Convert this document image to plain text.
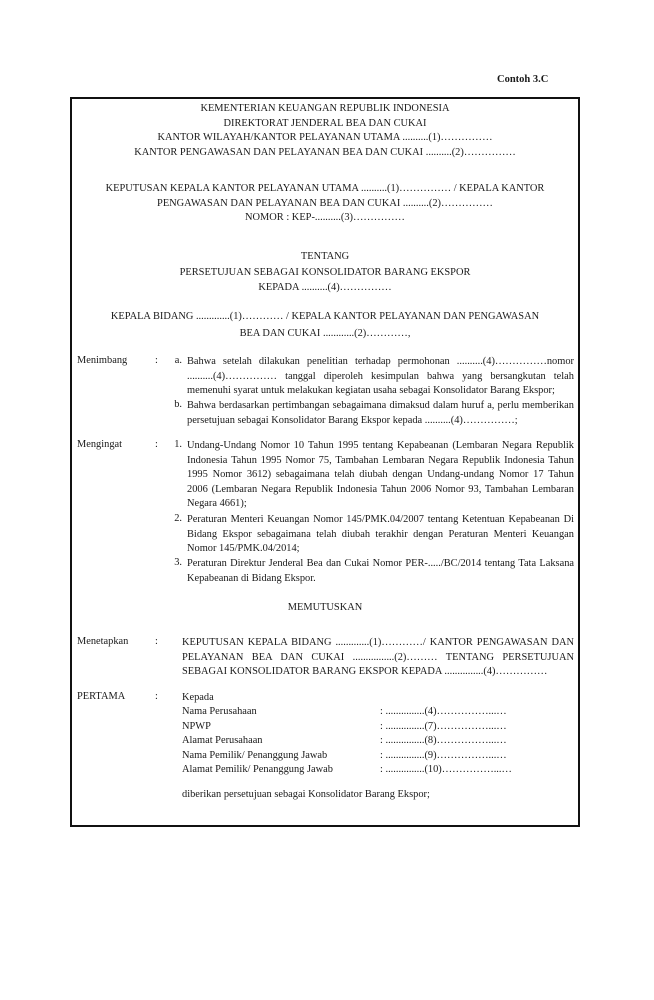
Contoh 3.C
KEMENTERIAN KEUANGAN REPUBLIK INDONESIA
DIREKTORAT JENDERAL BEA DAN CUKAI
KANTOR WILAYAH/KANTOR PELAYANAN UTAMA ..........(1)……………
KANTOR PENGAWASAN DAN PELAYANAN BEA DAN CUKAI ..........(2)……………
KEPUTUSAN KEPALA KANTOR PELAYANAN UTAMA ..........(1)…………… / KEPALA KANTOR
PENGAWASAN DAN PELAYANAN BEA DAN CUKAI ..........(2)……………
NOMOR : KEP-..........(3)……………
TENTANG
PERSETUJUAN SEBAGAI KONSOLIDATOR BARANG EKSPOR
KEPADA ..........(4)……………
KEPALA BIDANG .............(1)………… / KEPALA KANTOR PELAYANAN DAN PENGAWASAN
BEA DAN CUKAI ............(2)…………,
Menimbang	:	a. Bahwa setelah dilakukan penelitian terhadap permohonan ..........(4)……………nomor ..........(4)…………… tanggal diperoleh kesimpulan bahwa yang bersangkutan telah memenuhi syarat untuk melakukan kegiatan usaha sebagai Konsolidator Barang Ekspor;
b. Bahwa berdasarkan pertimbangan sebagaimana dimaksud dalam huruf a, perlu memberikan persetujuan sebagai Konsolidator Barang Ekspor kepada ..........(4)……………;
Mengingat	:	1. Undang-Undang Nomor 10 Tahun 1995 tentang Kepabeanan (Lembaran Negara Republik Indonesia Tahun 1995 Nomor 75, Tambahan Lembaran Negara Republik Indonesia Tahun 1995 Nomor 3612) sebagaimana telah diubah dengan Undang-undang Nomor 17 Tahun 2006 (Lembaran Negara Republik Indonesia Tahun 2006 Nomor 93, Tambahan Lembaran Negara 4661);
2. Peraturan Menteri Keuangan Nomor 145/PMK.04/2007 tentang Ketentuan Kepabeanan Di Bidang Ekspor sebagaimana telah diubah terakhir dengan Peraturan Menteri Keuangan Nomor 145/PMK.04/2014;
3. Peraturan Direktur Jenderal Bea dan Cukai Nomor PER-...../BC/2014 tentang Tata Laksana Kepabeanan di Bidang Ekspor.
MEMUTUSKAN
Menetapkan	: KEPUTUSAN KEPALA BIDANG .............(1)…………/ KANTOR PENGAWASAN DAN PELAYANAN BEA DAN CUKAI ................(2)……… TENTANG PERSETUJUAN SEBAGAI KONSOLIDATOR BARANG EKSPOR KEPADA ...............(4)……………
PERTAMA	: Kepada
Nama Perusahaan	: ...............(4)……………...…
NPWP	: ...............(7)……………...…
Alamat Perusahaan	: ...............(8)……………...…
Nama Pemilik/ Penanggung Jawab	: ...............(9)……………...…
Alamat Pemilik/ Penanggung Jawab	: ...............(10)……………...…
diberikan persetujuan sebagai Konsolidator Barang Ekspor;
